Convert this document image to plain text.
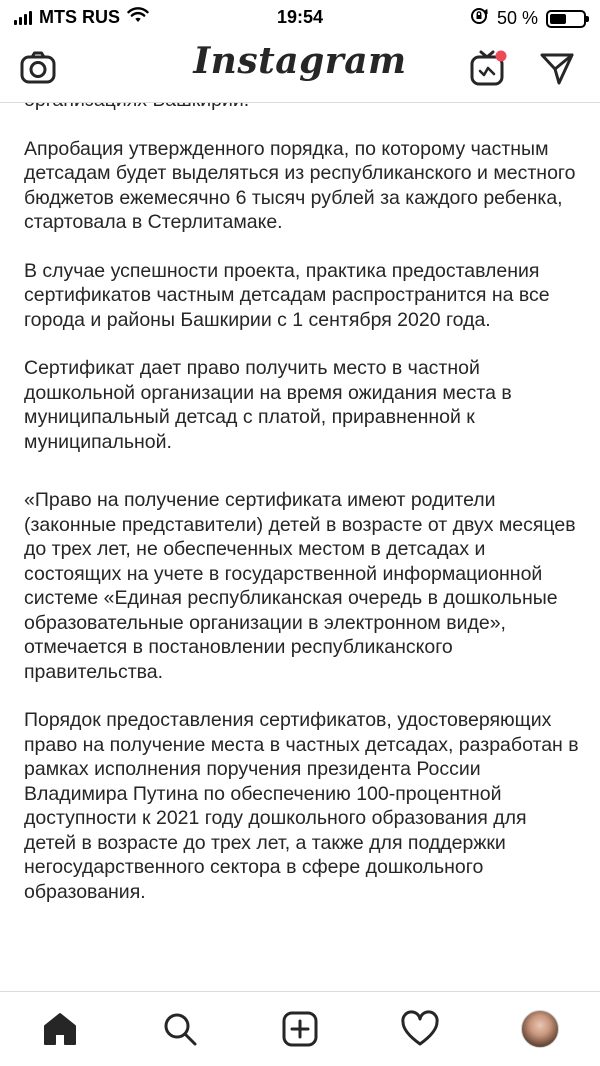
MTS RUS	19:54	50 %
Instagram

Апробация утвержденного порядка, по которому частным детсадам будет выделяться из республиканского и местного бюджетов ежемесячно 6 тысяч рублей за каждого ребенка, стартовала в Стерлитамаке.

В случае успешности проекта, практика предоставления сертификатов частным детсадам распространится на все города и районы Башкирии с 1 сентября 2020 года.

Сертификат дает право получить место в частной дошкольной организации на время ожидания места в муниципальный детсад с платой, приравненной к муниципальной.

«Право на получение сертификата имеют родители (законные представители) детей в возрасте от двух месяцев до трех лет, не обеспеченных местом в детсадах и состоящих на учете в государственной информационной системе «Единая республиканская очередь в дошкольные образовательные организации в электронном виде», отмечается в постановлении республиканского правительства.

Порядок предоставления сертификатов, удостоверяющих право на получение места в частных детсадах, разработан в рамках исполнения поручения президента России Владимира Путина по обеспечению 100-процентной доступности к 2021 году дошкольного образования для детей в возрасте до трех лет, а также для поддержки негосударственного сектора в сфере дошкольного образования.
